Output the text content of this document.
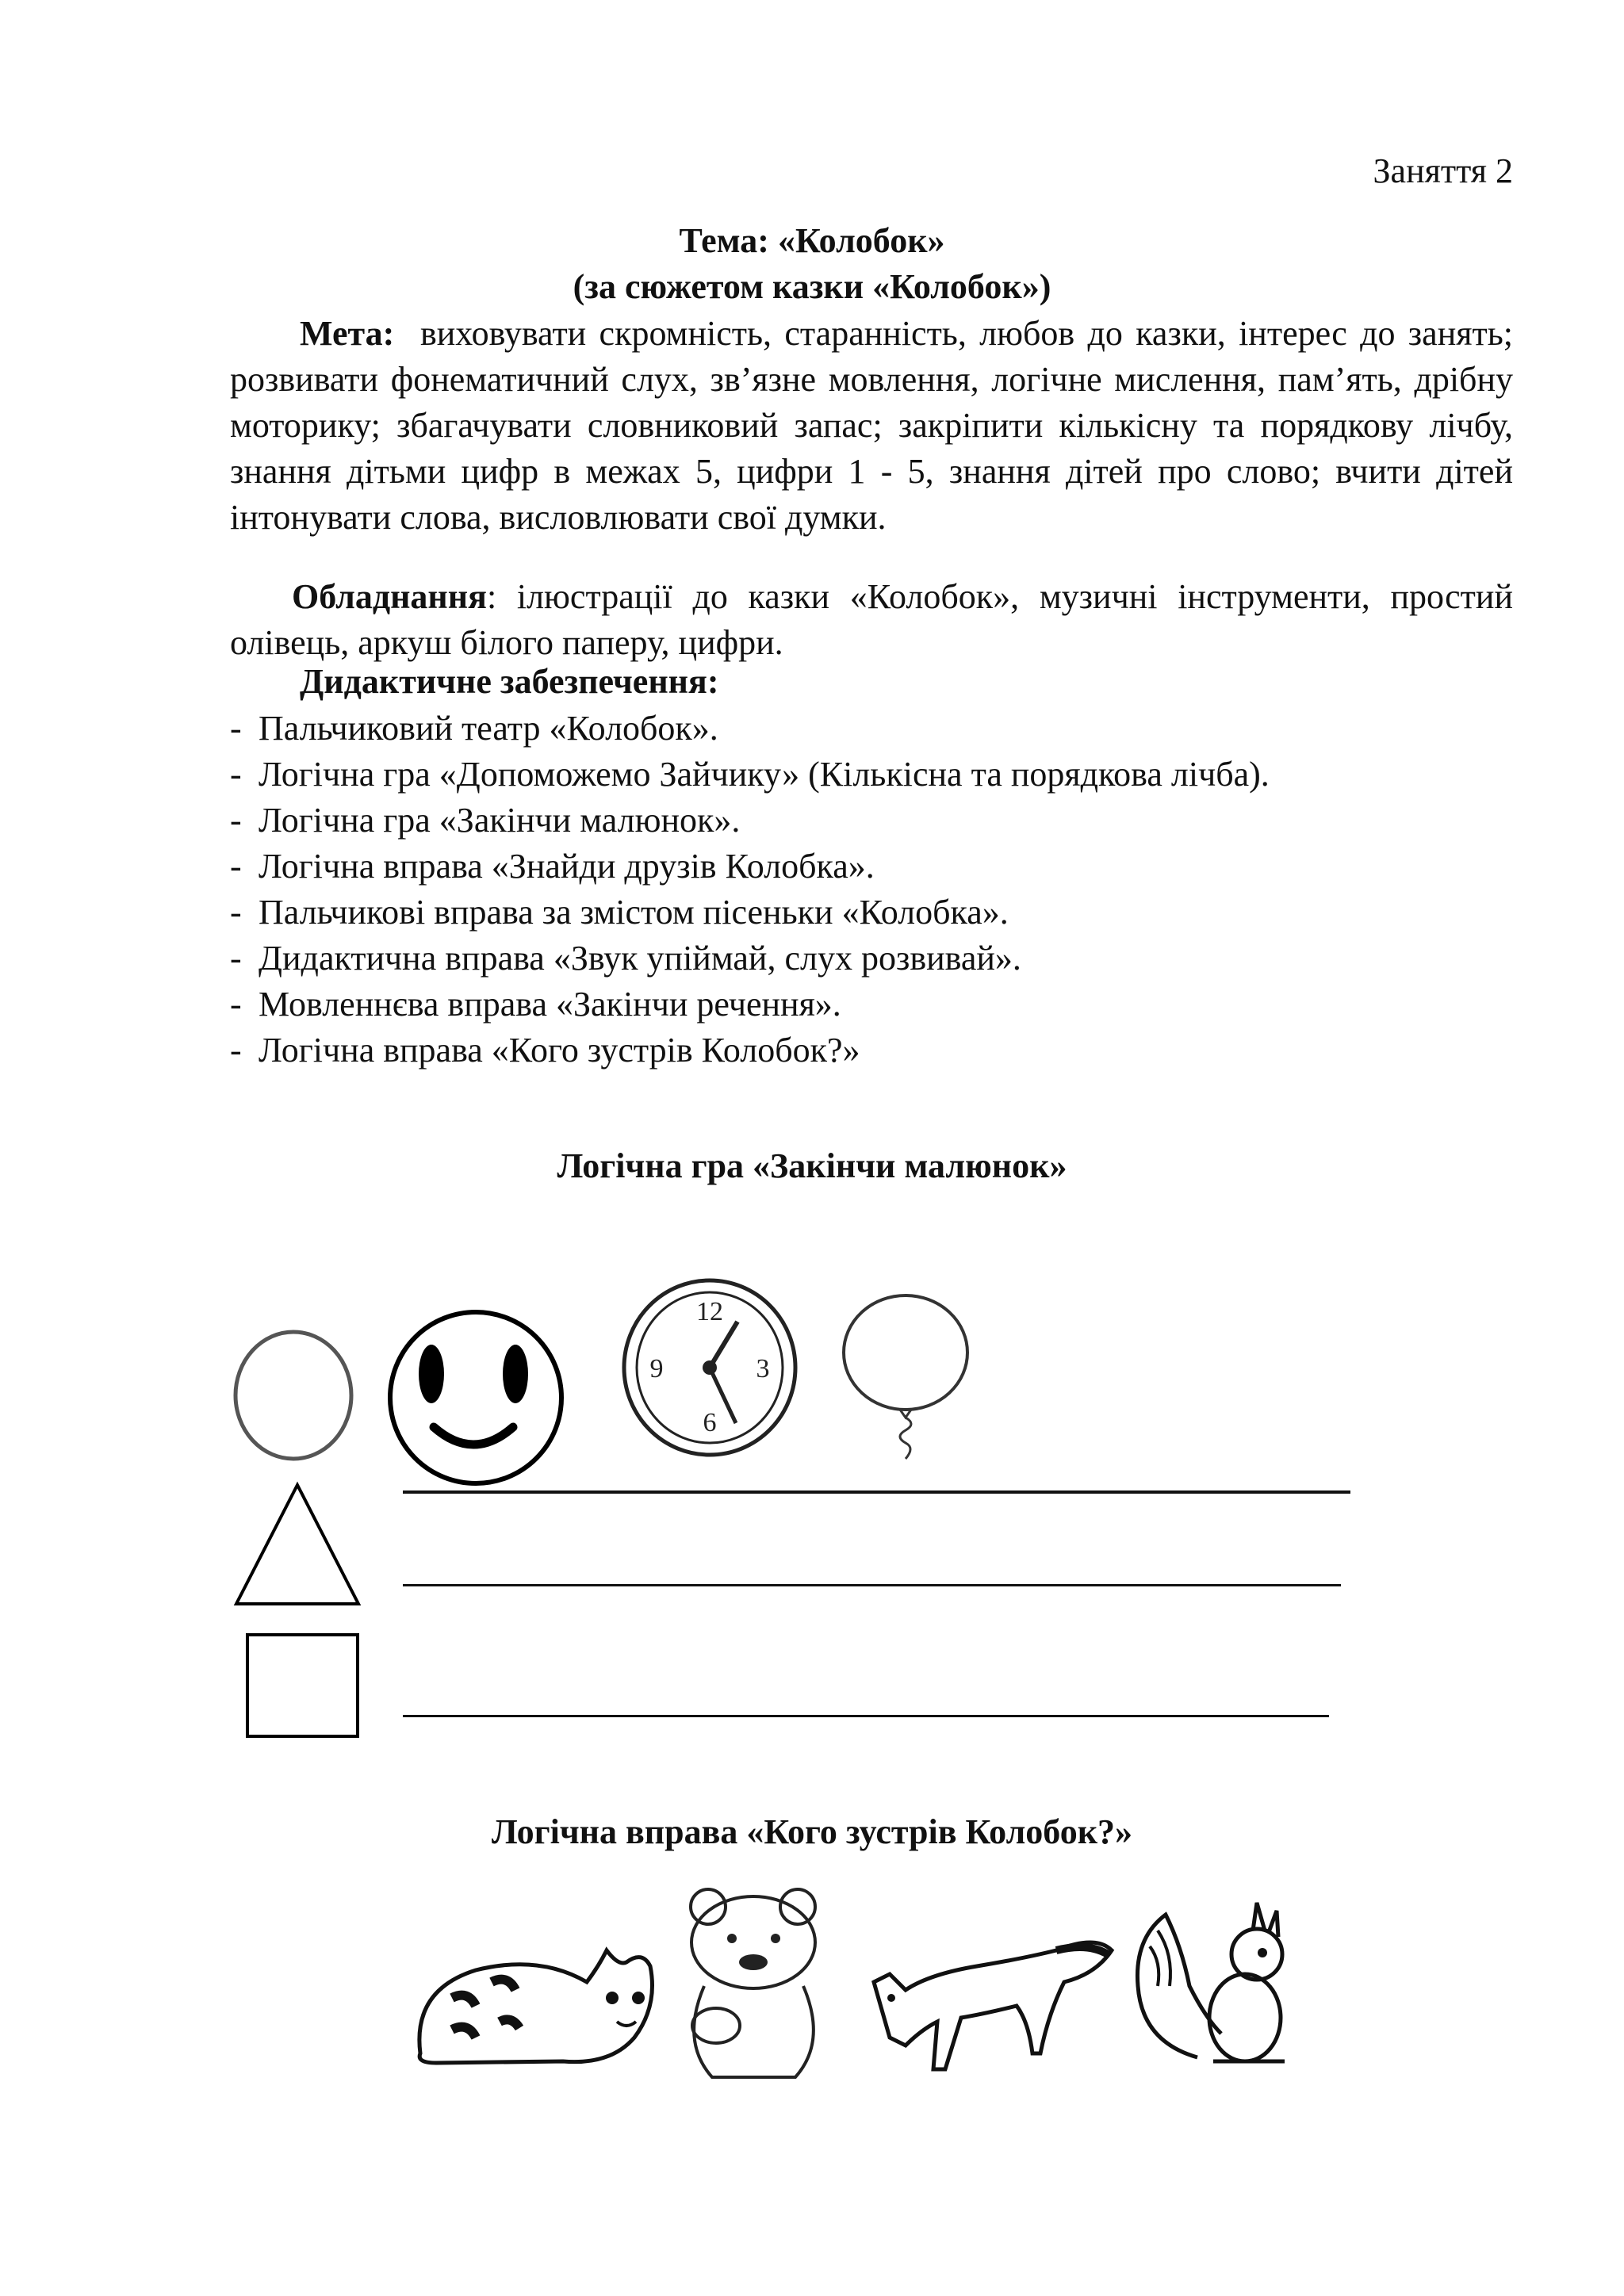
Заняття 2
Тема: «Колобок»
(за сюжетом казки «Колобок»)
Мета: виховувати скромність, старанність, любов до казки, інтерес до занять; розвивати фонематичний слух, зв’язне мовлення, логічне мислення, пам’ять, дрібну моторику; збагачувати словниковий запас; закріпити кількісну та порядкову лічбу, знання дітьми цифр в межах 5, цифри 1 - 5, знання дітей про слово; вчити дітей інтонувати слова, висловлювати свої думки.
Обладнання: ілюстрації до казки «Колобок», музичні інструменти, простий олівець, аркуш білого паперу, цифри.
Дидактичне забезпечення:
- Пальчиковий театр «Колобок».
- Логічна гра «Допоможемо Зайчику» (Кількісна та порядкова лічба).
- Логічна гра «Закінчи малюнок».
- Логічна вправа «Знайди друзів Колобка».
- Пальчикові вправа за змістом пісеньки «Колобка».
- Дидактична вправа «Звук упіймай, слух розвивай».
- Мовленнєва вправа «Закінчи речення».
- Логічна вправа «Кого зустрів Колобок?»
Логічна гра «Закінчи малюнок»
12
3
6
9
Логічна вправа «Кого зустрів Колобок?»
